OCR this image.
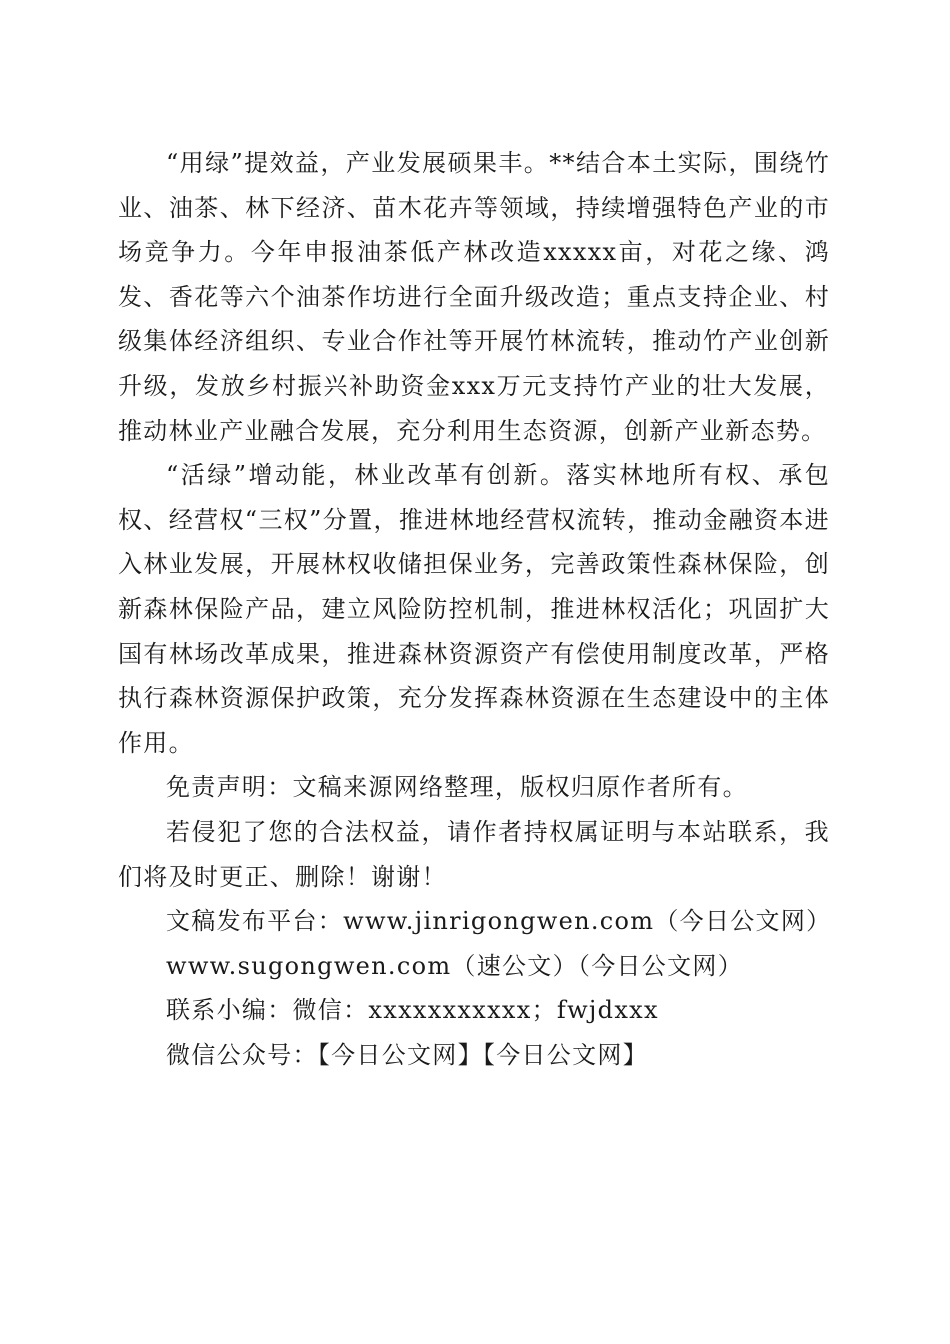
“用绿”提效益，产业发展硕果丰。**结合本土实际，围绕竹业、油茶、林下经济、苗木花卉等领域，持续增强特色产业的市场竞争力。今年申报油茶低产林改造xxxxx亩，对花之缘、鸿发、香花等六个油茶作坊进行全面升级改造；重点支持企业、村级集体经济组织、专业合作社等开展竹林流转，推动竹产业创新升级，发放乡村振兴补助资金xxx万元支持竹产业的壮大发展，推动林业产业融合发展，充分利用生态资源，创新产业新态势。

“活绿”增动能，林业改革有创新。落实林地所有权、承包权、经营权“三权”分置，推进林地经营权流转，推动金融资本进入林业发展，开展林权收储担保业务，完善政策性森林保险，创新森林保险产品，建立风险防控机制，推进林权活化；巩固扩大国有林场改革成果，推进森林资源资产有偿使用制度改革，严格执行森林资源保护政策，充分发挥森林资源在生态建设中的主体作用。

免责声明：文稿来源网络整理，版权归原作者所有。

若侵犯了您的合法权益，请作者持权属证明与本站联系，我们将及时更正、删除！谢谢！

文稿发布平台：www.jinrigongwen.com（今日公文网）

www.sugongwen.com（速公文）（今日公文网）

联系小编：微信：xxxxxxxxxxx；fwjdxxx

微信公众号：【今日公文网】【今日公文网】
